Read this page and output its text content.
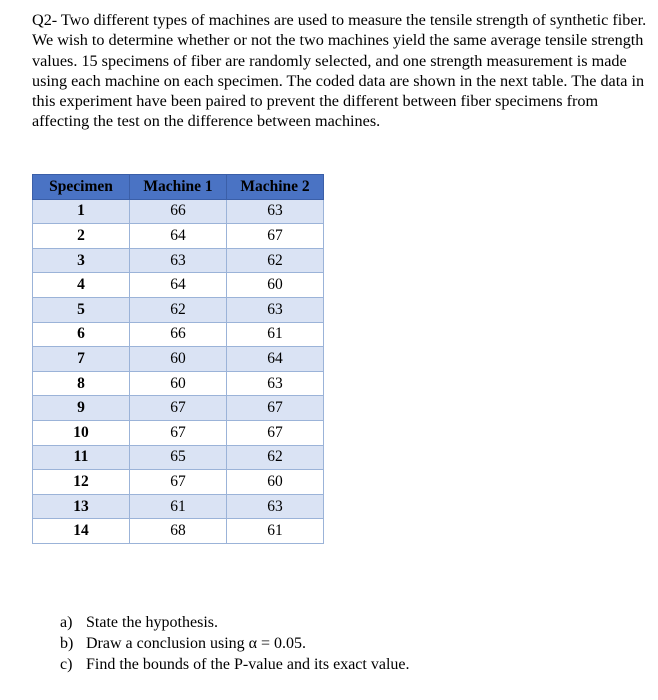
Q2- Two different types of machines are used to measure the tensile strength of synthetic fiber. We wish to determine whether or not the two machines yield the same average tensile strength values. 15 specimens of fiber are randomly selected, and one strength measurement is made using each machine on each specimen. The coded data are shown in the next table. The data in this experiment have been paired to prevent the different between fiber specimens from affecting the test on the difference between machines.

Specimen	Machine 1	Machine 2
1	66	63
2	64	67
3	63	62
4	64	60
5	62	63
6	66	61
7	60	64
8	60	63
9	67	67
10	67	67
11	65	62
12	67	60
13	61	63
14	68	61
a) State the hypothesis.
b) Draw a conclusion using α = 0.05.
c) Find the bounds of the P-value and its exact value.
